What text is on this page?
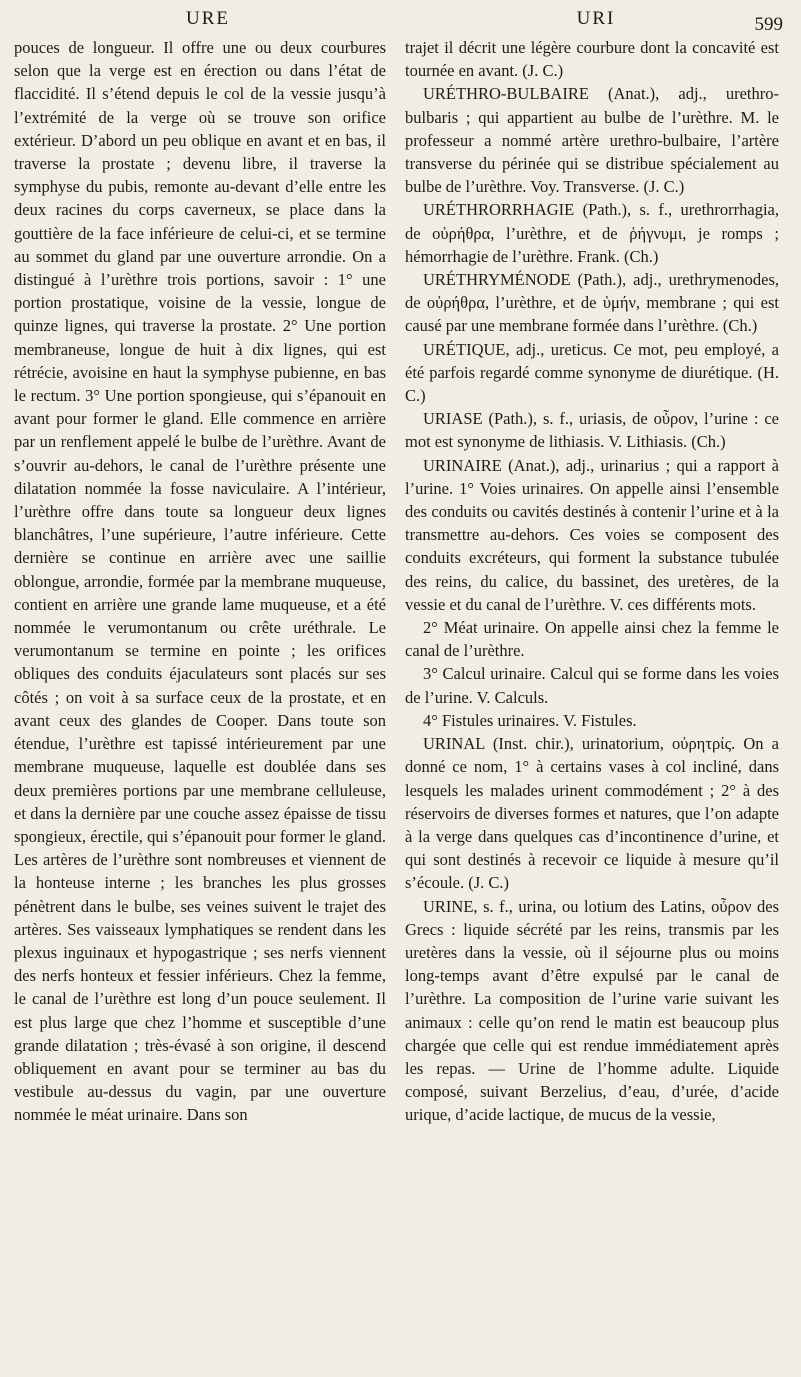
URE	URI	599

pouces de longueur. Il offre une ou deux courbures selon que la verge est en érection ou dans l’état de flaccidité. Il s’étend depuis le col de la vessie jusqu’à l’extrémité de la verge où se trouve son orifice extérieur. D’abord un peu oblique en avant et en bas, il traverse la prostate ; devenu libre, il traverse la symphyse du pubis, remonte au-devant d’elle entre les deux racines du corps caverneux, se place dans la gouttière de la face inférieure de celui-ci, et se termine au sommet du gland par une ouverture arrondie. On a distingué à l’urèthre trois portions, savoir : 1° une portion prostatique, voisine de la vessie, longue de quinze lignes, qui traverse la prostate. 2° Une portion membraneuse, longue de huit à dix lignes, qui est rétrécie, avoisine en haut la symphyse pubienne, en bas le rectum. 3° Une portion spongieuse, qui s’épanouit en avant pour former le gland. Elle commence en arrière par un renflement appelé le bulbe de l’urèthre. Avant de s’ouvrir au-dehors, le canal de l’urèthre présente une dilatation nommée la fosse naviculaire. A l’intérieur, l’urèthre offre dans toute sa longueur deux lignes blanchâtres, l’une supérieure, l’autre inférieure. Cette dernière se continue en arrière avec une saillie oblongue, arrondie, formée par la membrane muqueuse, contient en arrière une grande lame muqueuse, et a été nommée le verumontanum ou crête uréthrale. Le verumontanum se termine en pointe ; les orifices obliques des conduits éjaculateurs sont placés sur ses côtés ; on voit à sa surface ceux de la prostate, et en avant ceux des glandes de Cooper. Dans toute son étendue, l’urèthre est tapissé intérieurement par une membrane muqueuse, laquelle est doublée dans ses deux premières portions par une membrane celluleuse, et dans la dernière par une couche assez épaisse de tissu spongieux, érectile, qui s’épanouit pour former le gland. Les artères de l’urèthre sont nombreuses et viennent de la honteuse interne ; les branches les plus grosses pénètrent dans le bulbe, ses veines suivent le trajet des artères. Ses vaisseaux lymphatiques se rendent dans les plexus inguinaux et hypogastrique ; ses nerfs viennent des nerfs honteux et fessier inférieurs. Chez la femme, le canal de l’urèthre est long d’un pouce seulement. Il est plus large que chez l’homme et susceptible d’une grande dilatation ; très-évasé à son origine, il descend obliquement en avant pour se terminer au bas du vestibule au-dessus du vagin, par une ouverture nommée le méat urinaire. Dans son

trajet il décrit une légère courbure dont la concavité est tournée en avant. (J. C.)

URÉTHRO-BULBAIRE (Anat.), adj., urethro-bulbaris ; qui appartient au bulbe de l’urèthre. M. le professeur a nommé artère urethro-bulbaire, l’artère transverse du périnée qui se distribue spécialement au bulbe de l’urèthre. Voy. Transverse. (J. C.)

URÉTHRORRHAGIE (Path.), s. f., urethrorrhagia, de οὐρήθρα, l’urèthre, et de ῥήγνυμι, je romps ; hémorrhagie de l’urèthre. Frank. (Ch.)

URÉTHRYMÉNODE (Path.), adj., urethrymenodes, de οὐρήθρα, l’urèthre, et de ὑμήν, membrane ; qui est causé par une membrane formée dans l’urèthre. (Ch.)

URÉTIQUE, adj., ureticus. Ce mot, peu employé, a été parfois regardé comme synonyme de diurétique. (H. C.)

URIASE (Path.), s. f., uriasis, de οὖρον, l’urine : ce mot est synonyme de lithiasis. V. Lithiasis. (Ch.)

URINAIRE (Anat.), adj., urinarius ; qui a rapport à l’urine. 1° Voies urinaires. On appelle ainsi l’ensemble des conduits ou cavités destinés à contenir l’urine et à la transmettre au-dehors. Ces voies se composent des conduits excréteurs, qui forment la substance tubulée des reins, du calice, du bassinet, des uretères, de la vessie et du canal de l’urèthre. V. ces différents mots.

2° Méat urinaire. On appelle ainsi chez la femme le canal de l’urèthre.

3° Calcul urinaire. Calcul qui se forme dans les voies de l’urine. V. Calculs.

4° Fistules urinaires. V. Fistules.

URINAL (Inst. chir.), urinatorium, οὐρητρίς. On a donné ce nom, 1° à certains vases à col incliné, dans lesquels les malades urinent commodément ; 2° à des réservoirs de diverses formes et natures, que l’on adapte à la verge dans quelques cas d’incontinence d’urine, et qui sont destinés à recevoir ce liquide à mesure qu’il s’écoule. (J. C.)

URINE, s. f., urina, ou lotium des Latins, οὖρον des Grecs : liquide sécrété par les reins, transmis par les uretères dans la vessie, où il séjourne plus ou moins long-temps avant d’être expulsé par le canal de l’urèthre. La composition de l’urine varie suivant les animaux : celle qu’on rend le matin est beaucoup plus chargée que celle qui est rendue immédiatement après les repas. — Urine de l’homme adulte. Liquide composé, suivant Berzelius, d’eau, d’urée, d’acide urique, d’acide lactique, de mucus de la vessie,
